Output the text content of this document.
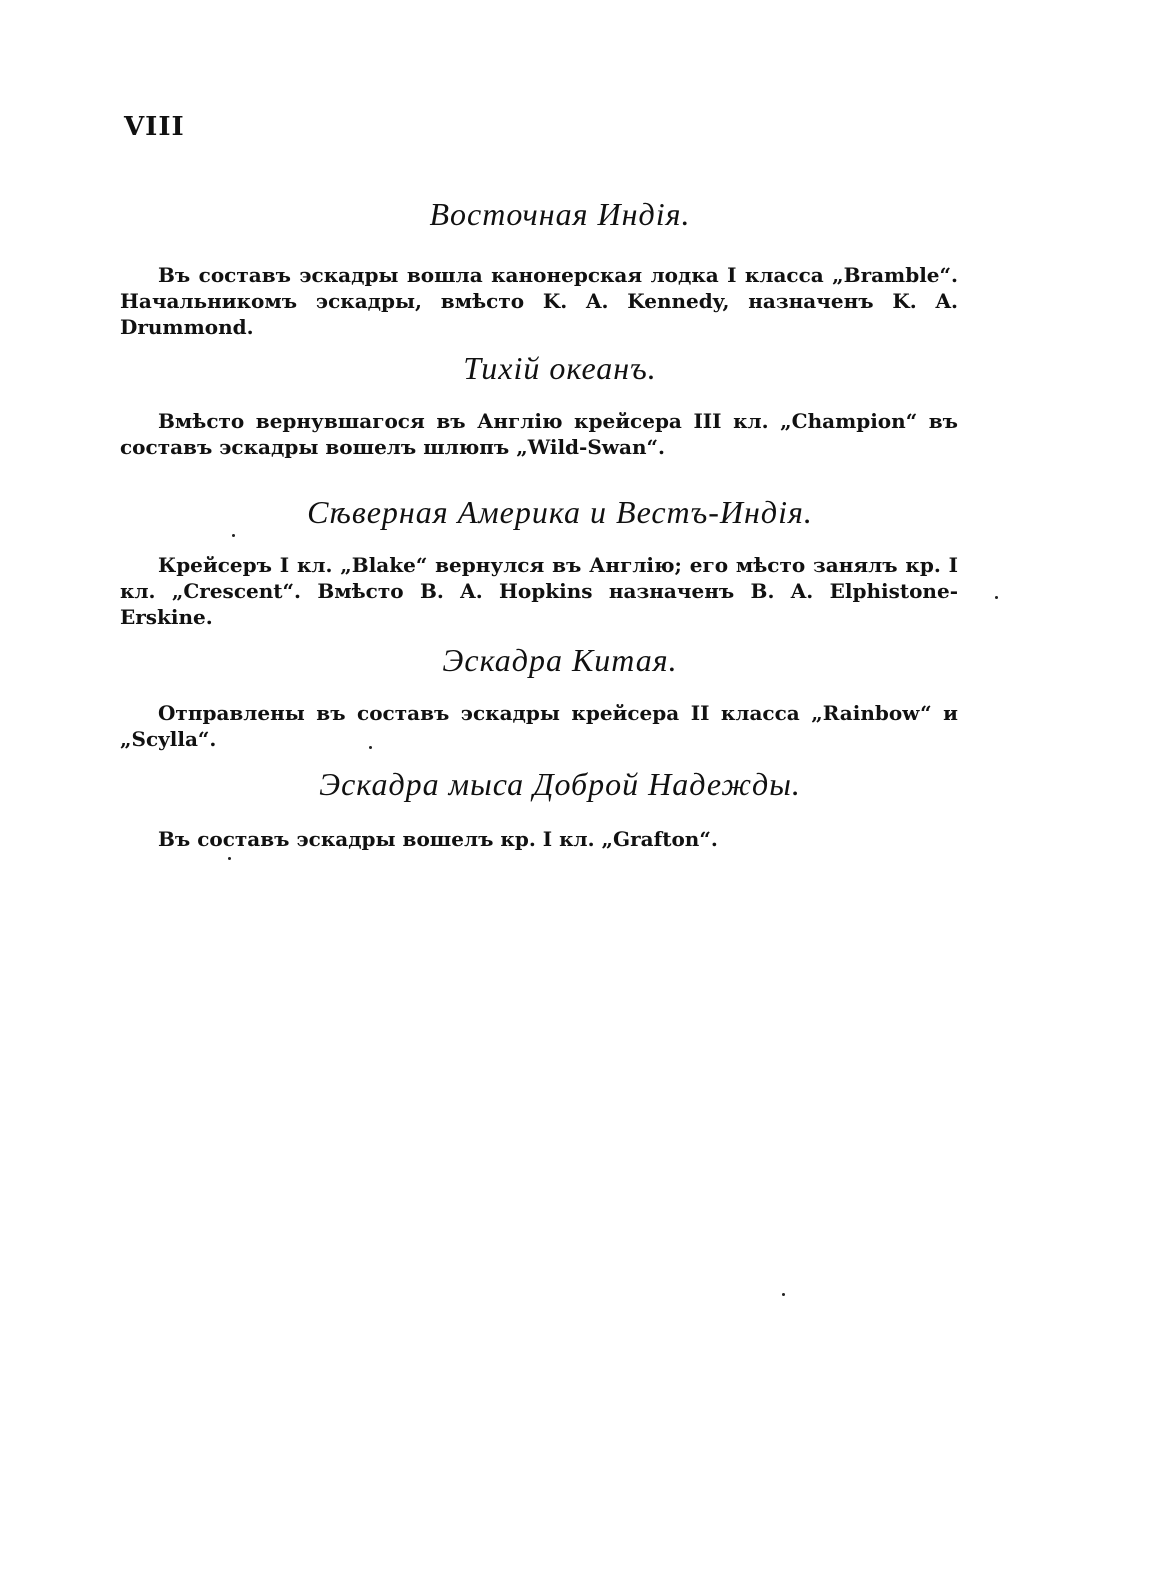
VIII
Восточная Индія.
Въ составъ эскадры вошла канонерская лодка I класса „Bramble“. Начальникомъ эскадры, вмѣсто K. A. Kennedy, назначенъ K. A. Drummond.
Тихій океанъ.
Вмѣсто вернувшагося въ Англію крейсера III кл. „Champion“ въ составъ эскадры вошелъ шлюпъ „Wild-Swan“.
Сѣверная Америка и Вестъ-Индія.
Крейсеръ I кл. „Blake“ вернулся въ Англію; его мѣсто занялъ кр. I кл. „Crescent“. Вмѣсто B. A. Hopkins назначенъ B. A. Elphistone-Erskine.
Эскадра Китая.
Отправлены въ составъ эскадры крейсера II класса „Rainbow“ и „Scylla“.
Эскадра мыса Доброй Надежды.
Въ составъ эскадры вошелъ кр. I кл. „Grafton“.
